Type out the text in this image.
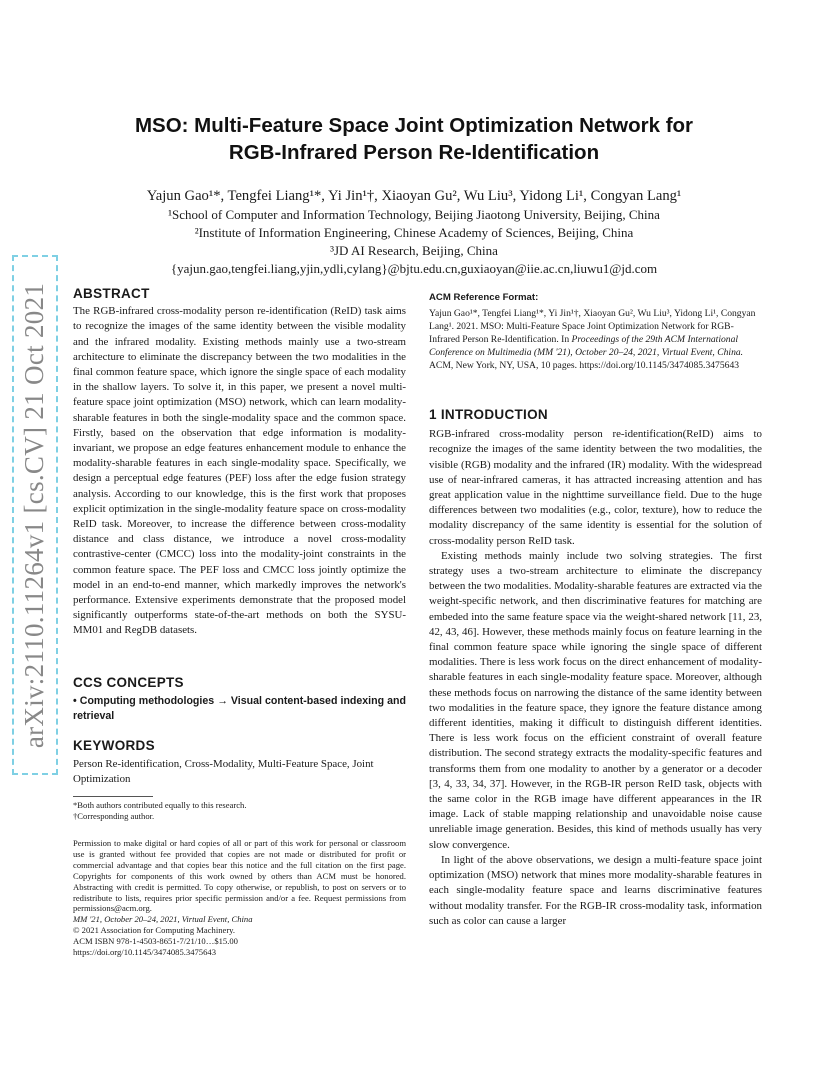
arXiv:2110.11264v1 [cs.CV] 21 Oct 2021
MSO: Multi-Feature Space Joint Optimization Network for
RGB-Infrared Person Re-Identification
Yajun Gao¹*, Tengfei Liang¹*, Yi Jin¹†, Xiaoyan Gu², Wu Liu³, Yidong Li¹, Congyan Lang¹
¹School of Computer and Information Technology, Beijing Jiaotong University, Beijing, China
²Institute of Information Engineering, Chinese Academy of Sciences, Beijing, China
³JD AI Research, Beijing, China
{yajun.gao,tengfei.liang,yjin,ydli,cylang}@bjtu.edu.cn,guxiaoyan@iie.ac.cn,liuwu1@jd.com
ABSTRACT

The RGB-infrared cross-modality person re-identification (ReID) task aims to recognize the images of the same identity between the visible modality and the infrared modality. Existing methods mainly use a two-stream architecture to eliminate the discrepancy between the two modalities in the final common feature space, which ignore the single space of each modality in the shallow layers. To solve it, in this paper, we present a novel multi-feature space joint optimization (MSO) network, which can learn modality-sharable features in both the single-modality space and the common space. Firstly, based on the observation that edge information is modality-invariant, we propose an edge features enhancement module to enhance the modality-sharable features in each single-modality space. Specifically, we design a perceptual edge features (PEF) loss after the edge fusion strategy analysis. According to our knowledge, this is the first work that proposes explicit optimization in the single-modality feature space on cross-modality ReID task. Moreover, to increase the difference between cross-modality distance and class distance, we introduce a novel cross-modality contrastive-center (CMCC) loss into the modality-joint constraints in the common feature space. The PEF loss and CMCC loss jointly optimize the model in an end-to-end manner, which markedly improves the network's performance. Extensive experiments demonstrate that the proposed model significantly outperforms state-of-the-art methods on both the SYSU-MM01 and RegDB datasets.

CCS CONCEPTS

• Computing methodologies → Visual content-based indexing and retrieval

KEYWORDS

Person Re-identification, Cross-Modality, Multi-Feature Space, Joint Optimization

*Both authors contributed equally to this research.
†Corresponding author.
Permission to make digital or hard copies of all or part of this work for personal or classroom use is granted without fee provided that copies are not made or distributed for profit or commercial advantage and that copies bear this notice and the full citation on the first page. Copyrights for components of this work owned by others than ACM must be honored. Abstracting with credit is permitted. To copy otherwise, or republish, to post on servers or to redistribute to lists, requires prior specific permission and/or a fee. Request permissions from permissions@acm.org.
MM '21, October 20–24, 2021, Virtual Event, China
© 2021 Association for Computing Machinery.
ACM ISBN 978-1-4503-8651-7/21/10…$15.00
https://doi.org/10.1145/3474085.3475643
ACM Reference Format:
Yajun Gao¹*, Tengfei Liang¹*, Yi Jin¹†, Xiaoyan Gu², Wu Liu³, Yidong Li¹, Congyan Lang¹. 2021. MSO: Multi-Feature Space Joint Optimization Network for RGB-Infrared Person Re-Identification. In Proceedings of the 29th ACM International Conference on Multimedia (MM '21), October 20–24, 2021, Virtual Event, China. ACM, New York, NY, USA, 10 pages. https://doi.org/10.1145/3474085.3475643
1 INTRODUCTION

RGB-infrared cross-modality person re-identification(ReID) aims to recognize the images of the same identity between the two modalities, the visible (RGB) modality and the infrared (IR) modality. With the widespread use of near-infrared cameras, it has attracted increasing attention and has great application value in the nighttime surveillance field. Due to the huge differences between two modalities (e.g., color, texture), how to reduce the modality discrepancy of the same identity is essential for the solution of cross-modality person ReID task.

Existing methods mainly include two solving strategies. The first strategy uses a two-stream architecture to eliminate the discrepancy between the two modalities. Modality-sharable features are extracted via the weight-specific network, and then discriminative features for matching are embeded into the same feature space via the weight-shared network [11, 23, 42, 43, 46]. However, these methods mainly focus on feature learning in the final common feature space while ignoring the single space of different modalities. There is less work focus on the direct enhancement of modality-sharable features in each single-modality feature space. Moreover, although these methods focus on narrowing the distance of the same identity between two modalities in the feature space, they ignore the feature distance among different identities, making it difficult to distinguish different identities. There is less work focus on the efficient constraint of overall feature distribution. The second strategy extracts the modality-specific features and transforms them from one modality to another by a generator or a decoder [3, 4, 33, 34, 37]. However, in the RGB-IR person ReID task, objects with the same color in the RGB image have different appearances in the IR image. Lack of stable mapping relationship and unavoidable noise cause unreliable image generation. Besides, this kind of methods usually has very slow convergence.

In light of the above observations, we design a multi-feature space joint optimization (MSO) network that mines more modality-sharable features in each single-modality feature space and learns discriminative features without modality transfer. For the RGB-IR cross-modality task, information such as color can cause a larger
